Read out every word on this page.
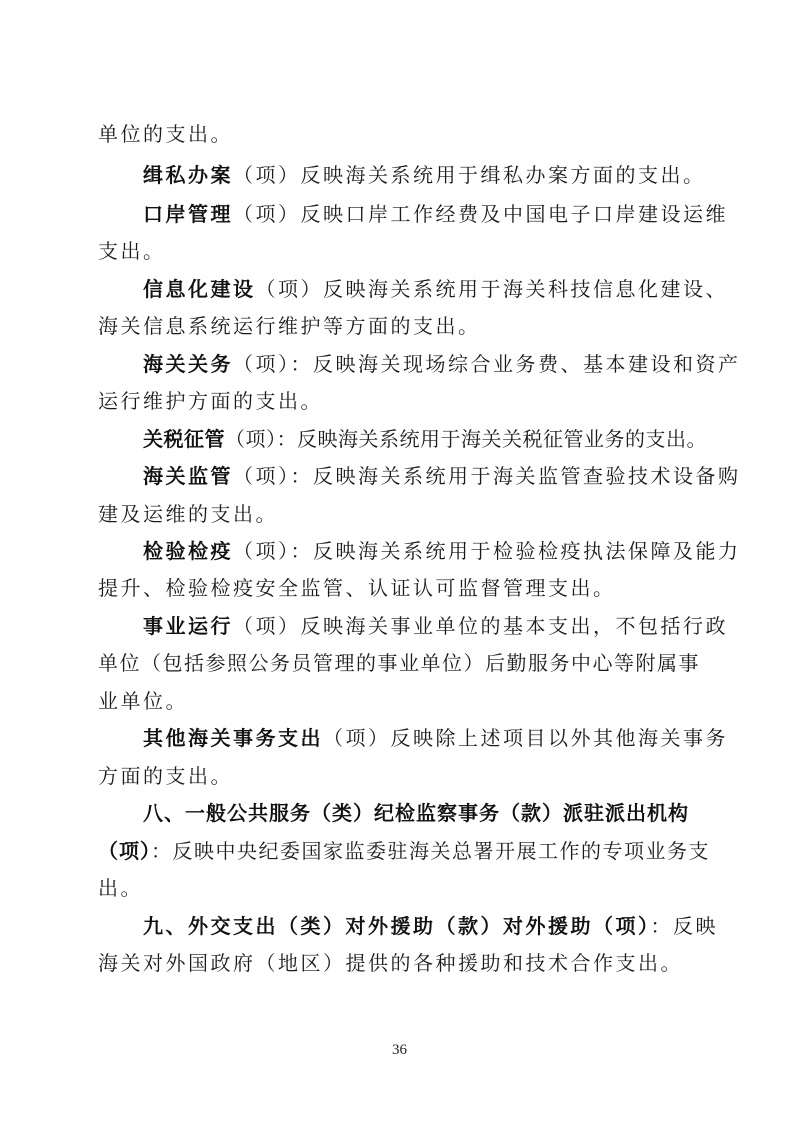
单位的支出。
缉私办案（项）反映海关系统用于缉私办案方面的支出。
口岸管理（项）反映口岸工作经费及中国电子口岸建设运维
支出。
信息化建设（项）反映海关系统用于海关科技信息化建设、
海关信息系统运行维护等方面的支出。
海关关务（项）：反映海关现场综合业务费、基本建设和资产
运行维护方面的支出。
关税征管（项）：反映海关系统用于海关关税征管业务的支出。
海关监管（项）：反映海关系统用于海关监管查验技术设备购
建及运维的支出。
检验检疫（项）：反映海关系统用于检验检疫执法保障及能力
提升、检验检疫安全监管、认证认可监督管理支出。
事业运行（项）反映海关事业单位的基本支出，不包括行政
单位（包括参照公务员管理的事业单位）后勤服务中心等附属事
业单位。
其他海关事务支出（项）反映除上述项目以外其他海关事务
方面的支出。
八、一般公共服务（类）纪检监察事务（款）派驻派出机构
（项）：反映中央纪委国家监委驻海关总署开展工作的专项业务支
出。
九、外交支出（类）对外援助（款）对外援助（项）：反映
海关对外国政府（地区）提供的各种援助和技术合作支出。
36
